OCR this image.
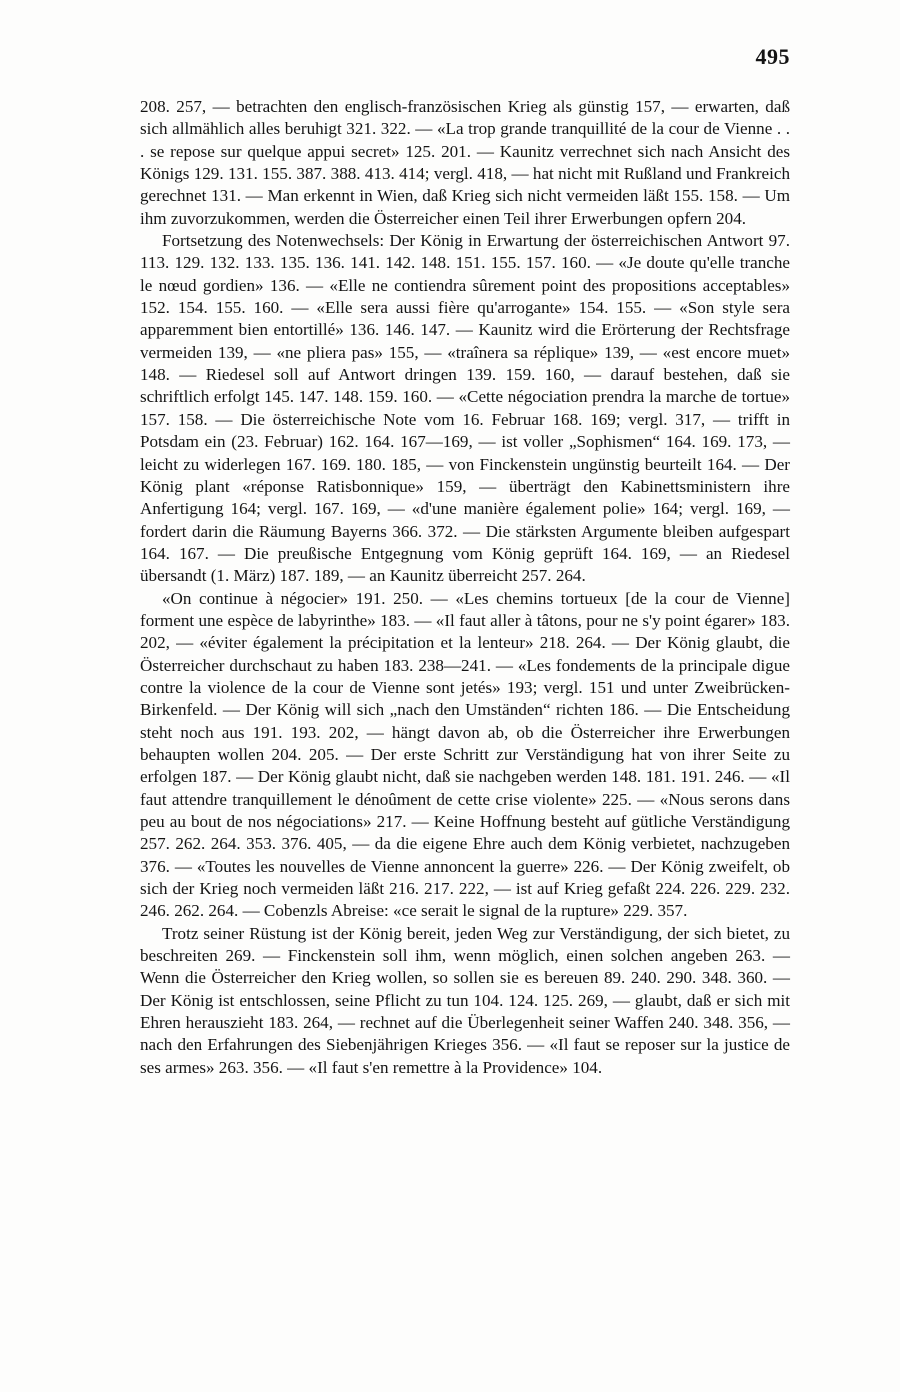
495

208. 257, — betrachten den englisch-französischen Krieg als günstig 157, — erwarten, daß sich allmählich alles beruhigt 321. 322. — «La trop grande tranquillité de la cour de Vienne . . . se repose sur quelque appui secret» 125. 201. — Kaunitz verrechnet sich nach Ansicht des Königs 129. 131. 155. 387. 388. 413. 414; vergl. 418, — hat nicht mit Rußland und Frankreich gerechnet 131. — Man erkennt in Wien, daß Krieg sich nicht vermeiden läßt 155. 158. — Um ihm zuvorzukommen, werden die Österreicher einen Teil ihrer Erwerbungen opfern 204.

Fortsetzung des Notenwechsels: Der König in Erwartung der österreichischen Antwort 97. 113. 129. 132. 133. 135. 136. 141. 142. 148. 151. 155. 157. 160. — «Je doute qu'elle tranche le nœud gordien» 136. — «Elle ne contiendra sûrement point des propositions acceptables» 152. 154. 155. 160. — «Elle sera aussi fière qu'arrogante» 154. 155. — «Son style sera apparemment bien entortillé» 136. 146. 147. — Kaunitz wird die Erörterung der Rechtsfrage vermeiden 139, — «ne pliera pas» 155, — «traînera sa réplique» 139, — «est encore muet» 148. — Riedesel soll auf Antwort dringen 139. 159. 160, — darauf bestehen, daß sie schriftlich erfolgt 145. 147. 148. 159. 160. — «Cette négociation prendra la marche de tortue» 157. 158. — Die österreichische Note vom 16. Februar 168. 169; vergl. 317, — trifft in Potsdam ein (23. Februar) 162. 164. 167—169, — ist voller „Sophismen“ 164. 169. 173, — leicht zu widerlegen 167. 169. 180. 185, — von Finckenstein ungünstig beurteilt 164. — Der König plant «réponse Ratisbonnique» 159, — überträgt den Kabinettsministern ihre Anfertigung 164; vergl. 167. 169, — «d'une manière également polie» 164; vergl. 169, — fordert darin die Räumung Bayerns 366. 372. — Die stärksten Argumente bleiben aufgespart 164. 167. — Die preußische Entgegnung vom König geprüft 164. 169, — an Riedesel übersandt (1. März) 187. 189, — an Kaunitz überreicht 257. 264.

«On continue à négocier» 191. 250. — «Les chemins tortueux [de la cour de Vienne] forment une espèce de labyrinthe» 183. — «Il faut aller à tâtons, pour ne s'y point égarer» 183. 202, — «éviter également la précipitation et la lenteur» 218. 264. — Der König glaubt, die Österreicher durchschaut zu haben 183. 238—241. — «Les fondements de la principale digue contre la violence de la cour de Vienne sont jetés» 193; vergl. 151 und unter Zweibrücken-Birkenfeld. — Der König will sich „nach den Umständen“ richten 186. — Die Entscheidung steht noch aus 191. 193. 202, — hängt davon ab, ob die Österreicher ihre Erwerbungen behaupten wollen 204. 205. — Der erste Schritt zur Verständigung hat von ihrer Seite zu erfolgen 187. — Der König glaubt nicht, daß sie nachgeben werden 148. 181. 191. 246. — «Il faut attendre tranquillement le dénoûment de cette crise violente» 225. — «Nous serons dans peu au bout de nos négociations» 217. — Keine Hoffnung besteht auf gütliche Verständigung 257. 262. 264. 353. 376. 405, — da die eigene Ehre auch dem König verbietet, nachzugeben 376. — «Toutes les nouvelles de Vienne annoncent la guerre» 226. — Der König zweifelt, ob sich der Krieg noch vermeiden läßt 216. 217. 222, — ist auf Krieg gefaßt 224. 226. 229. 232. 246. 262. 264. — Cobenzls Abreise: «ce serait le signal de la rupture» 229. 357.

Trotz seiner Rüstung ist der König bereit, jeden Weg zur Verständigung, der sich bietet, zu beschreiten 269. — Finckenstein soll ihm, wenn möglich, einen solchen angeben 263. — Wenn die Österreicher den Krieg wollen, so sollen sie es bereuen 89. 240. 290. 348. 360. — Der König ist entschlossen, seine Pflicht zu tun 104. 124. 125. 269, — glaubt, daß er sich mit Ehren herauszieht 183. 264, — rechnet auf die Überlegenheit seiner Waffen 240. 348. 356, — nach den Erfahrungen des Siebenjährigen Krieges 356. — «Il faut se reposer sur la justice de ses armes» 263. 356. — «Il faut s'en remettre à la Providence» 104.
